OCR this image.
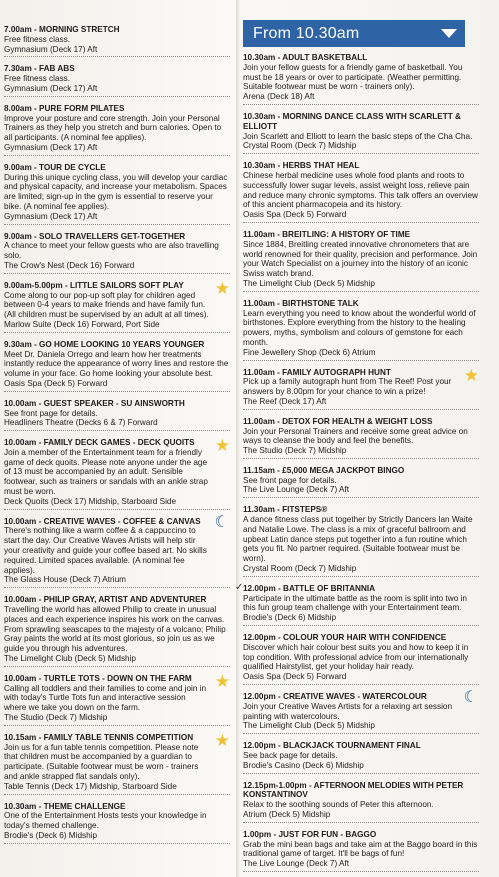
7.00am - MORNING STRETCH
Free fitness class.
Gymnasium (Deck 17) Aft
7.30am - FAB ABS
Free fitness class.
Gymnasium (Deck 17) Aft
8.00am - PURE FORM PILATES
Improve your posture and core strength. Join your Personal Trainers as they help you stretch and burn calories. Open to all participants. (A nominal fee applies).
Gymnasium (Deck 17) Aft
9.00am - TOUR DE CYCLE
During this unique cycling class, you will develop your cardiac and physical capacity, and increase your metabolism. Spaces are limited; sign-up in the gym is essential to reserve your bike. (A nominal fee applies).
Gymnasium (Deck 17) Aft
9.00am - SOLO TRAVELLERS GET-TOGETHER
A chance to meet your fellow guests who are also travelling solo.
The Crow's Nest (Deck 16) Forward
9.00am-5.00pm - LITTLE SAILORS SOFT PLAY
Come along to our pop-up soft play for children aged between 0-4 years to make friends and have family fun. (All children must be supervised by an adult at all times).
Marlow Suite (Deck 16) Forward, Port Side
★
9.30am - GO HOME LOOKING 10 YEARS YOUNGER
Meet Dr. Daniela Orrego and learn how her treatments instantly reduce the appearance of worry lines and restore the volume in your face. Go home looking your absolute best.
Oasis Spa (Deck 5) Forward
10.00am - GUEST SPEAKER - SU AINSWORTH
See front page for details.
Headliners Theatre (Decks 6 & 7) Forward
10.00am - FAMILY DECK GAMES - DECK QUOITS
Join a member of the Entertainment team for a friendly game of deck quoits. Please note anyone under the age of 13 must be accompanied by an adult. Sensible footwear, such as trainers or sandals with an ankle strap must be worn.
Deck Quoits (Deck 17) Midship, Starboard Side
★
10.00am - CREATIVE WAVES - COFFEE & CANVAS
There's nothing like a warm coffee & a cappuccino to start the day. Our Creative Waves Artists will help stir your creativity and guide your coffee based art. No skills required. Limited spaces available. (A nominal fee applies).
The Glass House (Deck 7) Atrium
☾
10.00am - PHILIP GRAY, ARTIST AND ADVENTURER
Travelling the world has allowed Philip to create in unusual places and each experience inspires his work on the canvas. From sprawling seascapes to the majesty of a volcano; Philip Gray paints the world at its most glorious, so join us as we guide you through his adventures.
The Limelight Club (Deck 5) Midship
10.00am - TURTLE TOTS - DOWN ON THE FARM
Calling all toddlers and their families to come and join in with today's Turtle Tots fun and interactive session where we take you down on the farm.
The Studio (Deck 7) Midship
★
10.15am - FAMILY TABLE TENNIS COMPETITION
Join us for a fun table tennis competition. Please note that children must be accompanied by a guardian to participate. (Suitable footwear must be worn - trainers and ankle strapped flat sandals only).
Table Tennis (Deck 17) Midship, Starboard Side
★
10.30am - THEME CHALLENGE
One of the Entertainment Hosts tests your knowledge in today's themed challenge.
Brodie's (Deck 6) Midship
From 10.30am
10.30am - ADULT BASKETBALL
Join your fellow guests for a friendly game of basketball. You must be 18 years or over to participate. (Weather permitting. Suitable footwear must be worn - trainers only).
Arena (Deck 18) Aft
10.30am - MORNING DANCE CLASS WITH SCARLETT & ELLIOTT
Join Scarlett and Elliott to learn the basic steps of the Cha Cha.
Crystal Room (Deck 7) Midship
10.30am - HERBS THAT HEAL
Chinese herbal medicine uses whole food plants and roots to successfully lower sugar levels, assist weight loss, relieve pain and reduce many chronic symptoms. This talk offers an overview of this ancient pharmacopeia and its history.
Oasis Spa (Deck 5) Forward
11.00am - BREITLING: A HISTORY OF TIME
Since 1884, Breitling created innovative chronometers that are world renowned for their quality, precision and performance. Join your Watch Specialist on a journey into the history of an iconic Swiss watch brand.
The Limelight Club (Deck 5) Midship
11.00am - BIRTHSTONE TALK
Learn everything you need to know about the wonderful world of birthstones. Explore everything from the history to the healing powers, myths, symbolism and colours of gemstone for each month.
Fine Jewellery Shop (Deck 6) Atrium
11.00am - FAMILY AUTOGRAPH HUNT
Pick up a family autograph hunt from The Reef! Post your answers by 8.00pm for your chance to win a prize!
The Reef (Deck 17) Aft
★
11.00am - DETOX FOR HEALTH & WEIGHT LOSS
Join your Personal Trainers and receive some great advice on ways to cleanse the body and feel the benefits.
The Studio (Deck 7) Midship
11.15am - £5,000 MEGA JACKPOT BINGO
See front page for details.
The Live Lounge (Deck 7) Aft
11.30am - FITSTEPS®
A dance fitness class put together by Strictly Dancers Ian Waite and Natalie Lowe. The class is a mix of graceful ballroom and upbeat Latin dance steps put together into a fun routine which gets you fit. No partner required. (Suitable footwear must be worn).
Crystal Room (Deck 7) Midship
12.00pm - BATTLE OF BRITANNIA
Participate in the ultimate battle as the room is split into two in this fun group team challenge with your Entertainment team.
Brodie's (Deck 6) Midship
✓
12.00pm - COLOUR YOUR HAIR WITH CONFIDENCE
Discover which hair colour best suits you and how to keep it in top condition. With professional advice from our internationally qualified Hairstylist, get your holiday hair ready.
Oasis Spa (Deck 5) Forward
12.00pm - CREATIVE WAVES - WATERCOLOUR
Join your Creative Waves Artists for a relaxing art session painting with watercolours.
The Limelight Club (Deck 5) Midship
☾
12.00pm - BLACKJACK TOURNAMENT FINAL
See back page for details.
Brodie's Casino (Deck 6) Midship
12.15pm-1.00pm - AFTERNOON MELODIES WITH PETER KONSTANTINOV
Relax to the soothing sounds of Peter this afternoon.
Atrium (Deck 5) Midship
1.00pm - JUST FOR FUN - BAGGO
Grab the mini bean bags and take aim at the Baggo board in this traditional game of target. It'll be bags of fun!
The Live Lounge (Deck 7) Aft
